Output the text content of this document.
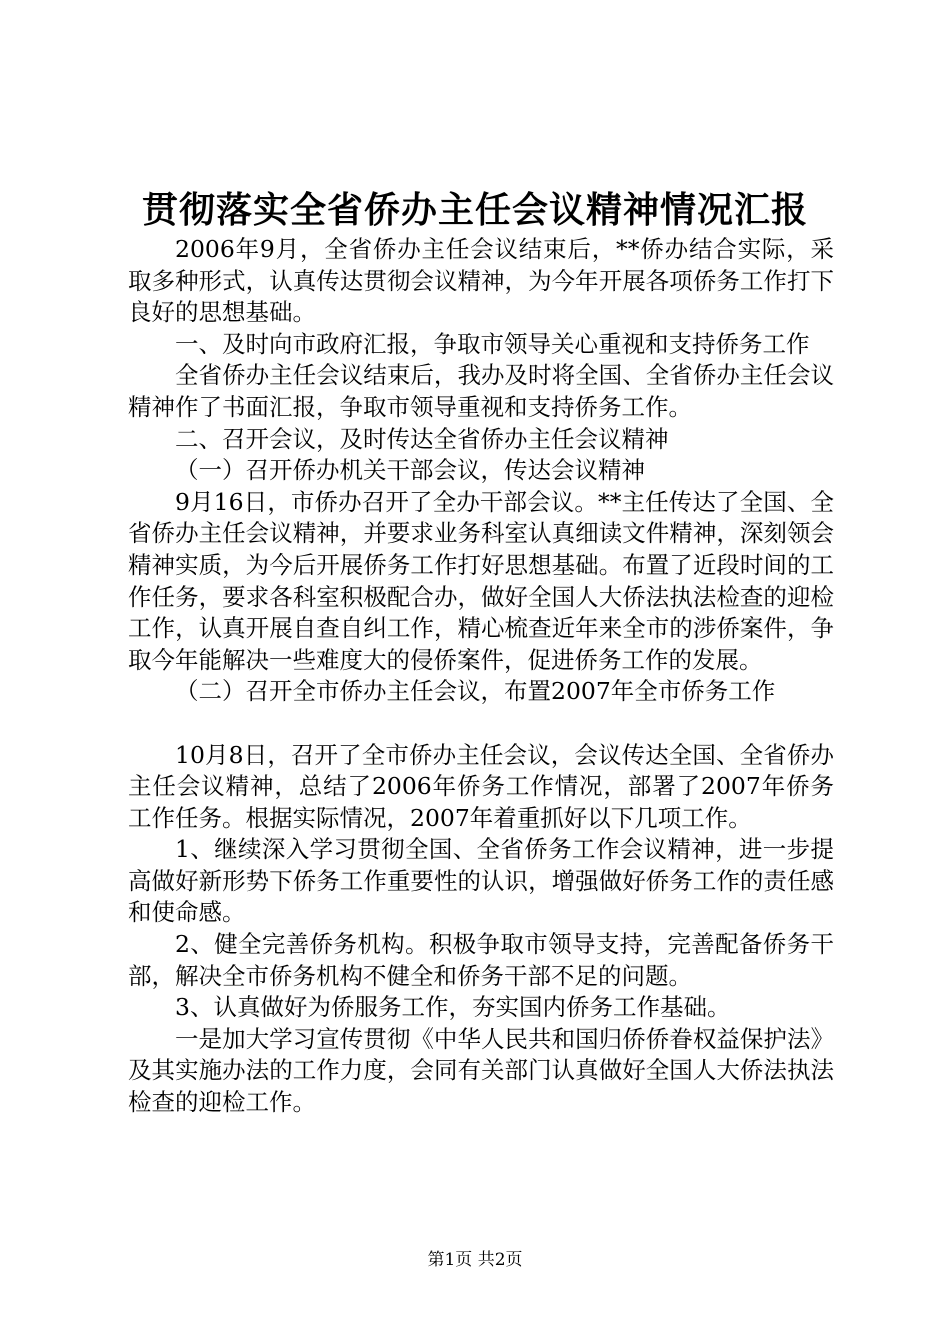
贯彻落实全省侨办主任会议精神情况汇报

2006年9月，全省侨办主任会议结束后，**侨办结合实际，采取多种形式，认真传达贯彻会议精神，为今年开展各项侨务工作打下良好的思想基础。

一、及时向市政府汇报，争取市领导关心重视和支持侨务工作

全省侨办主任会议结束后，我办及时将全国、全省侨办主任会议精神作了书面汇报，争取市领导重视和支持侨务工作。

二、召开会议，及时传达全省侨办主任会议精神

（一）召开侨办机关干部会议，传达会议精神

9月16日，市侨办召开了全办干部会议。**主任传达了全国、全省侨办主任会议精神，并要求业务科室认真细读文件精神，深刻领会精神实质，为今后开展侨务工作打好思想基础。布置了近段时间的工作任务，要求各科室积极配合办，做好全国人大侨法执法检查的迎检工作，认真开展自查自纠工作，精心梳查近年来全市的涉侨案件，争取今年能解决一些难度大的侵侨案件，促进侨务工作的发展。

（二）召开全市侨办主任会议，布置2007年全市侨务工作

10月8日，召开了全市侨办主任会议，会议传达全国、全省侨办主任会议精神，总结了2006年侨务工作情况，部署了2007年侨务工作任务。根据实际情况，2007年着重抓好以下几项工作。

1、继续深入学习贯彻全国、全省侨务工作会议精神，进一步提高做好新形势下侨务工作重要性的认识，增强做好侨务工作的责任感和使命感。

2、健全完善侨务机构。积极争取市领导支持，完善配备侨务干部，解决全市侨务机构不健全和侨务干部不足的问题。

3、认真做好为侨服务工作，夯实国内侨务工作基础。

一是加大学习宣传贯彻《中华人民共和国归侨侨眷权益保护法》及其实施办法的工作力度，会同有关部门认真做好全国人大侨法执法检查的迎检工作。

第1页 共2页
